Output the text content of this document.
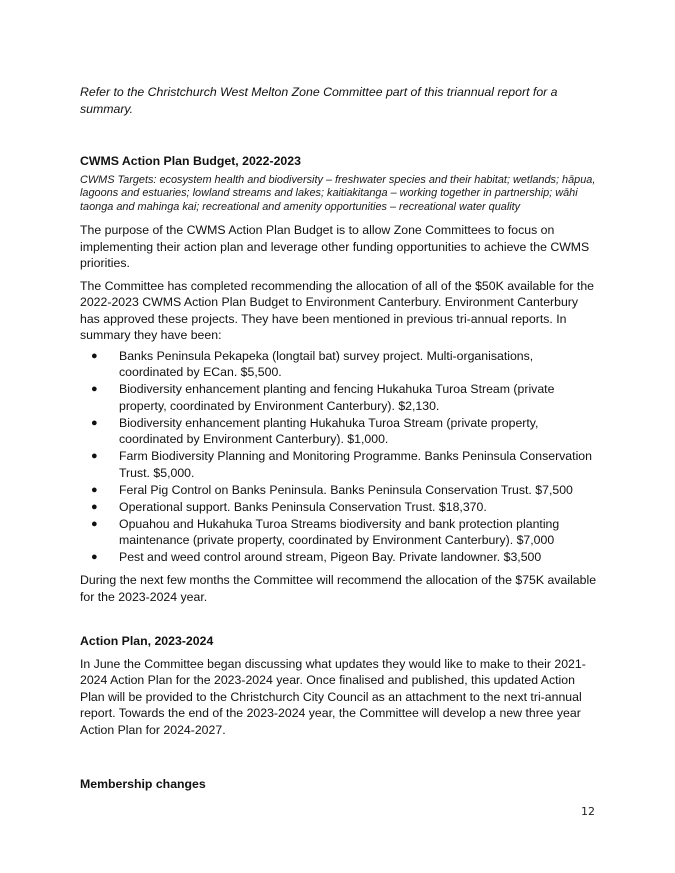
Refer to the Christchurch West Melton Zone Committee part of this triannual report for a summary.

CWMS Action Plan Budget, 2022-2023

CWMS Targets: ecosystem health and biodiversity – freshwater species and their habitat; wetlands; hāpua, lagoons and estuaries; lowland streams and lakes; kaitiakitanga – working together in partnership; wāhi taonga and mahinga kai; recreational and amenity opportunities – recreational water quality

The purpose of the CWMS Action Plan Budget is to allow Zone Committees to focus on implementing their action plan and leverage other funding opportunities to achieve the CWMS priorities.

The Committee has completed recommending the allocation of all of the $50K available for the 2022-2023 CWMS Action Plan Budget to Environment Canterbury. Environment Canterbury has approved these projects. They have been mentioned in previous tri-annual reports. In summary they have been:

● Banks Peninsula Pekapeka (longtail bat) survey project. Multi-organisations, coordinated by ECan. $5,500.
● Biodiversity enhancement planting and fencing Hukahuka Turoa Stream (private property, coordinated by Environment Canterbury). $2,130.
● Biodiversity enhancement planting Hukahuka Turoa Stream (private property, coordinated by Environment Canterbury). $1,000.
● Farm Biodiversity Planning and Monitoring Programme. Banks Peninsula Conservation Trust. $5,000.
● Feral Pig Control on Banks Peninsula. Banks Peninsula Conservation Trust. $7,500
● Operational support. Banks Peninsula Conservation Trust. $18,370.
● Opuahou and Hukahuka Turoa Streams biodiversity and bank protection planting maintenance (private property, coordinated by Environment Canterbury). $7,000
● Pest and weed control around stream, Pigeon Bay. Private landowner. $3,500

During the next few months the Committee will recommend the allocation of the $75K available for the 2023-2024 year.

Action Plan, 2023-2024

In June the Committee began discussing what updates they would like to make to their 2021-2024 Action Plan for the 2023-2024 year. Once finalised and published, this updated Action Plan will be provided to the Christchurch City Council as an attachment to the next tri-annual report. Towards the end of the 2023-2024 year, the Committee will develop a new three year Action Plan for 2024-2027.

Membership changes
12
